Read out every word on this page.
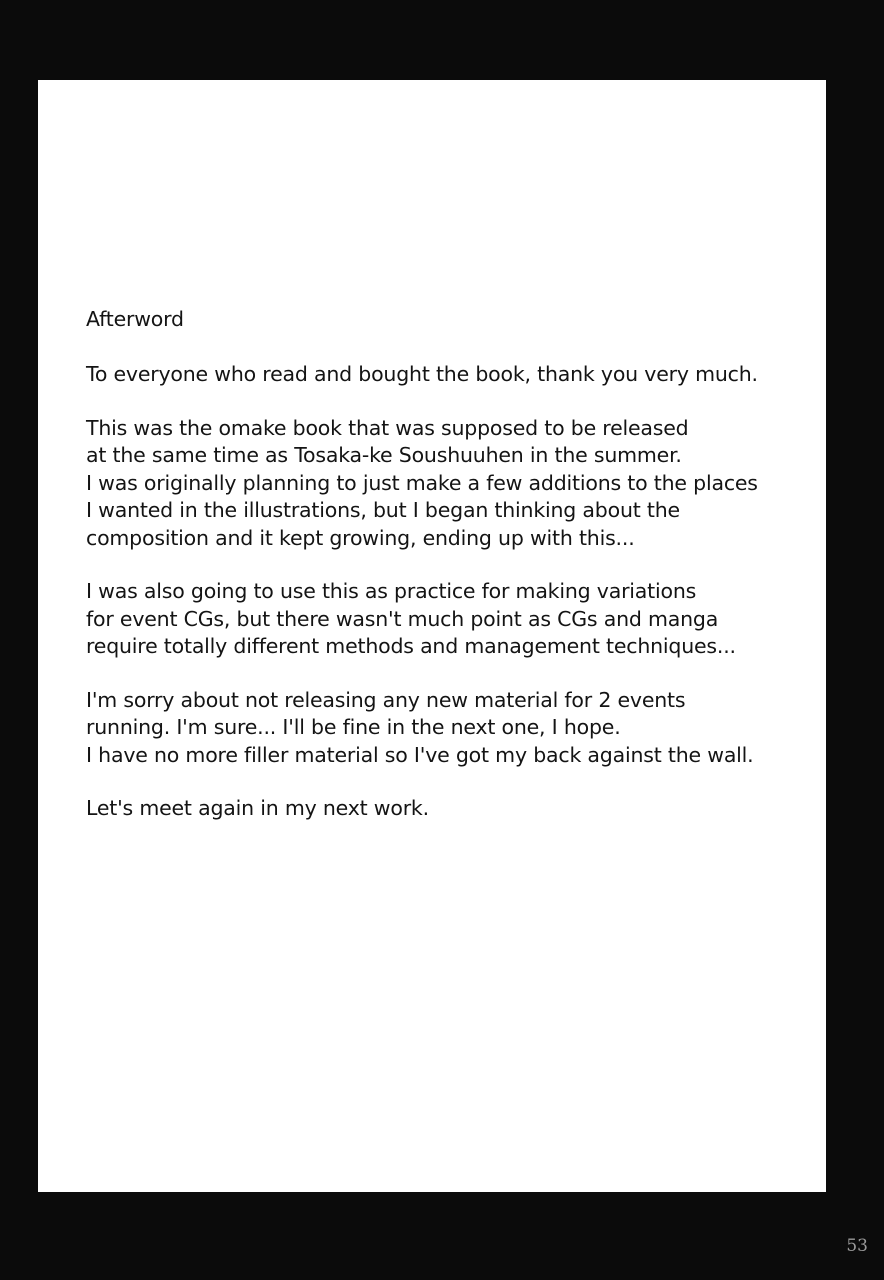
Afterword
To everyone who read and bought the book, thank you very much.
This was the omake book that was supposed to be released
at the same time as Tosaka-ke Soushuuhen in the summer.
I was originally planning to just make a few additions to the places
I wanted in the illustrations, but I began thinking about the
composition and it kept growing, ending up with this...
I was also going to use this as practice for making variations
for event CGs, but there wasn't much point as CGs and manga
require totally different methods and management techniques...
I'm sorry about not releasing any new material for 2 events
running. I'm sure... I'll be fine in the next one, I hope.
I have no more filler material so I've got my back against the wall.
Let's meet again in my next work.
53
